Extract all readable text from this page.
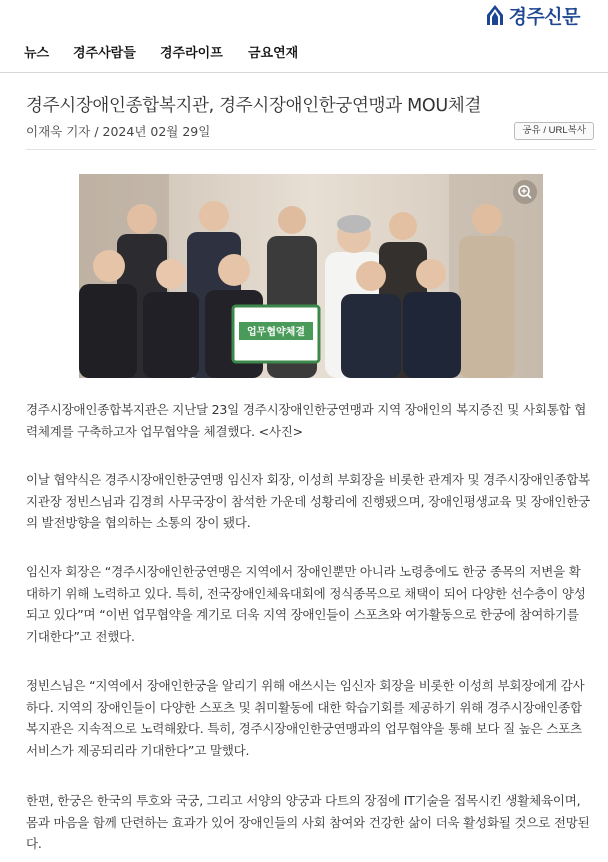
경주신문
뉴스 경주사람들 경주라이프 금요연재
경주시장애인종합복지관, 경주시장애인한궁연맹과 MOU체결
이재욱 기자 / 2024년 02월 29일	공유 / URL복사
업무협약체결

경주시장애인종합복지관은 지난달 23일 경주시장애인한궁연맹과 지역 장애인의 복지증진 및 사회통합 협력체계를 구축하고자 업무협약을 체결했다. <사진>

이날 협약식은 경주시장애인한궁연맹 임신자 회장, 이성희 부회장을 비롯한 관계자 및 경주시장애인종합복지관장 정빈스님과 김경희 사무국장이 참석한 가운데 성황리에 진행됐으며, 장애인평생교육 및 장애인한궁의 발전방향을 협의하는 소통의 장이 됐다.

임신자 회장은 “경주시장애인한궁연맹은 지역에서 장애인뿐만 아니라 노령층에도 한궁 종목의 저변을 확대하기 위해 노력하고 있다. 특히, 전국장애인체육대회에 정식종목으로 채택이 되어 다양한 선수층이 양성되고 있다”며 “이번 업무협약을 계기로 더욱 지역 장애인들이 스포츠와 여가활동으로 한궁에 참여하기를 기대한다”고 전했다.

정빈스님은 “지역에서 장애인한궁을 알리기 위해 애쓰시는 임신자 회장을 비롯한 이성희 부회장에게 감사하다. 지역의 장애인들이 다양한 스포츠 및 취미활동에 대한 학습기회를 제공하기 위해 경주시장애인종합복지관은 지속적으로 노력해왔다. 특히, 경주시장애인한궁연맹과의 업무협약을 통해 보다 질 높은 스포츠 서비스가 제공되리라 기대한다”고 말했다.

한편, 한궁은 한국의 투호와 국궁, 그리고 서양의 양궁과 다트의 장점에 IT기술을 접목시킨 생활체육이며, 몸과 마음을 함께 단련하는 효과가 있어 장애인들의 사회 참여와 건강한 삶이 더욱 활성화될 것으로 전망된다.
